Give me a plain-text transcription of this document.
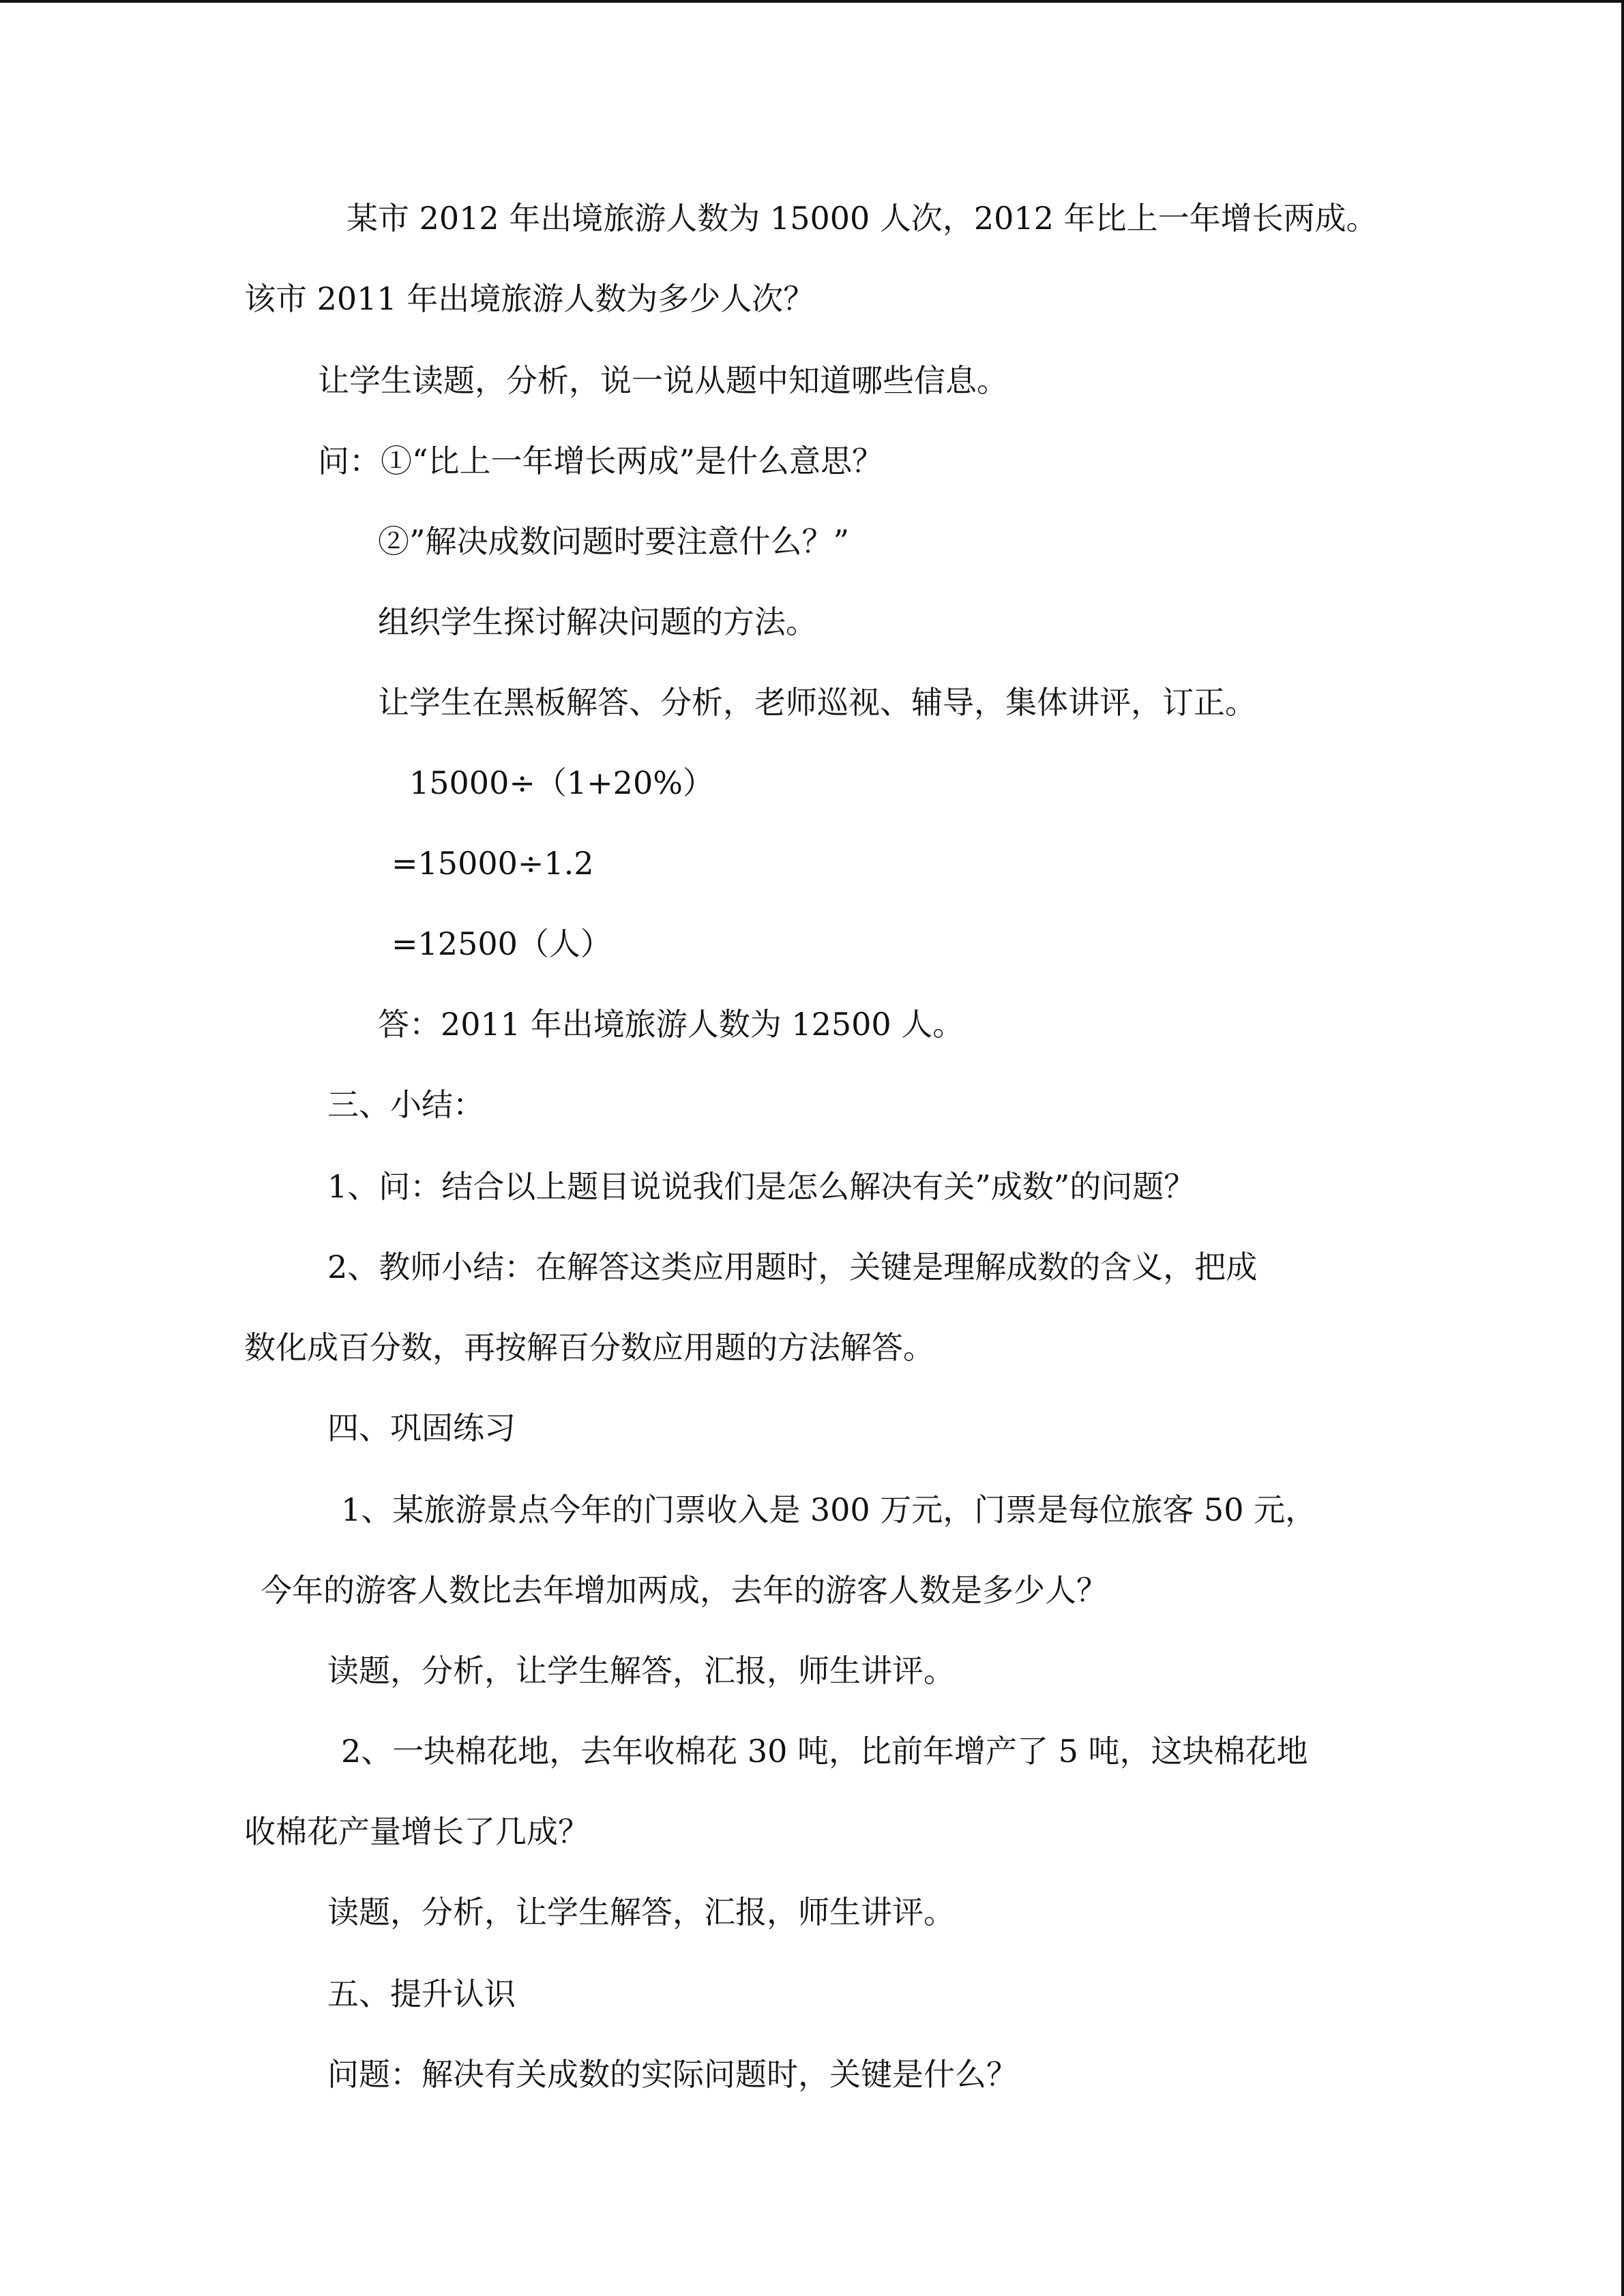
某市 2012 年出境旅游人数为 15000 人次，2012 年比上一年增长两成。
该市 2011 年出境旅游人数为多少人次？
让学生读题，分析，说一说从题中知道哪些信息。
问：①“比上一年增长两成”是什么意思？
②”解决成数问题时要注意什么？”
组织学生探讨解决问题的方法。
让学生在黑板解答、分析，老师巡视、辅导，集体讲评，订正。
15000÷（1+20%）
=15000÷1.2
=12500（人）
答：2011 年出境旅游人数为 12500 人。
三、小结：
1、问：结合以上题目说说我们是怎么解决有关”成数”的问题？
2、教师小结：在解答这类应用题时，关键是理解成数的含义，把成
数化成百分数，再按解百分数应用题的方法解答。
四、巩固练习
1、某旅游景点今年的门票收入是 300 万元，门票是每位旅客 50 元，
今年的游客人数比去年增加两成，去年的游客人数是多少人？
读题，分析，让学生解答，汇报，师生讲评。
2、一块棉花地，去年收棉花 30 吨，比前年增产了 5 吨，这块棉花地
收棉花产量增长了几成？
读题，分析，让学生解答，汇报，师生讲评。
五、提升认识
问题：解决有关成数的实际问题时，关键是什么？
